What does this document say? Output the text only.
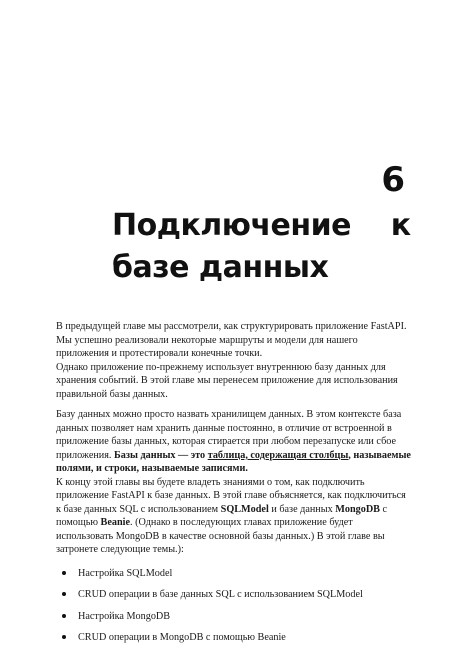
6
Подключение    к
базе данных

В предыдущей главе мы рассмотрели, как структурировать приложение FastAPI. Мы успешно реализовали некоторые маршруты и модели для нашего приложения и протестировали конечные точки.

Однако приложение по-прежнему использует внутреннюю базу данных для хранения событий. В этой главе мы перенесем приложение для использования правильной базы данных.

Базу данных можно просто назвать хранилищем данных. В этом контексте база данных позволяет нам хранить данные постоянно, в отличие от встроенной в приложение базы данных, которая стирается при любом перезапуске или сбое приложения. Базы данных — это таблица, содержащая столбцы, называемые полями, и строки, называемые записями.

К концу этой главы вы будете владеть знаниями о том, как подключить приложение FastAPI к базе данных. В этой главе объясняется, как подключиться к базе данных SQL с использованием SQLModel и базе данных MongoDB с помощью Beanie. (Однако в последующих главах приложение будет использовать MongoDB в качестве основной базы данных.) В этой главе вы затронете следующие темы.):

Настройка SQLModel
CRUD операции в базе данных SQL с использованием SQLModel
Настройка MongoDB
CRUD операции в MongoDB с помощью Beanie
